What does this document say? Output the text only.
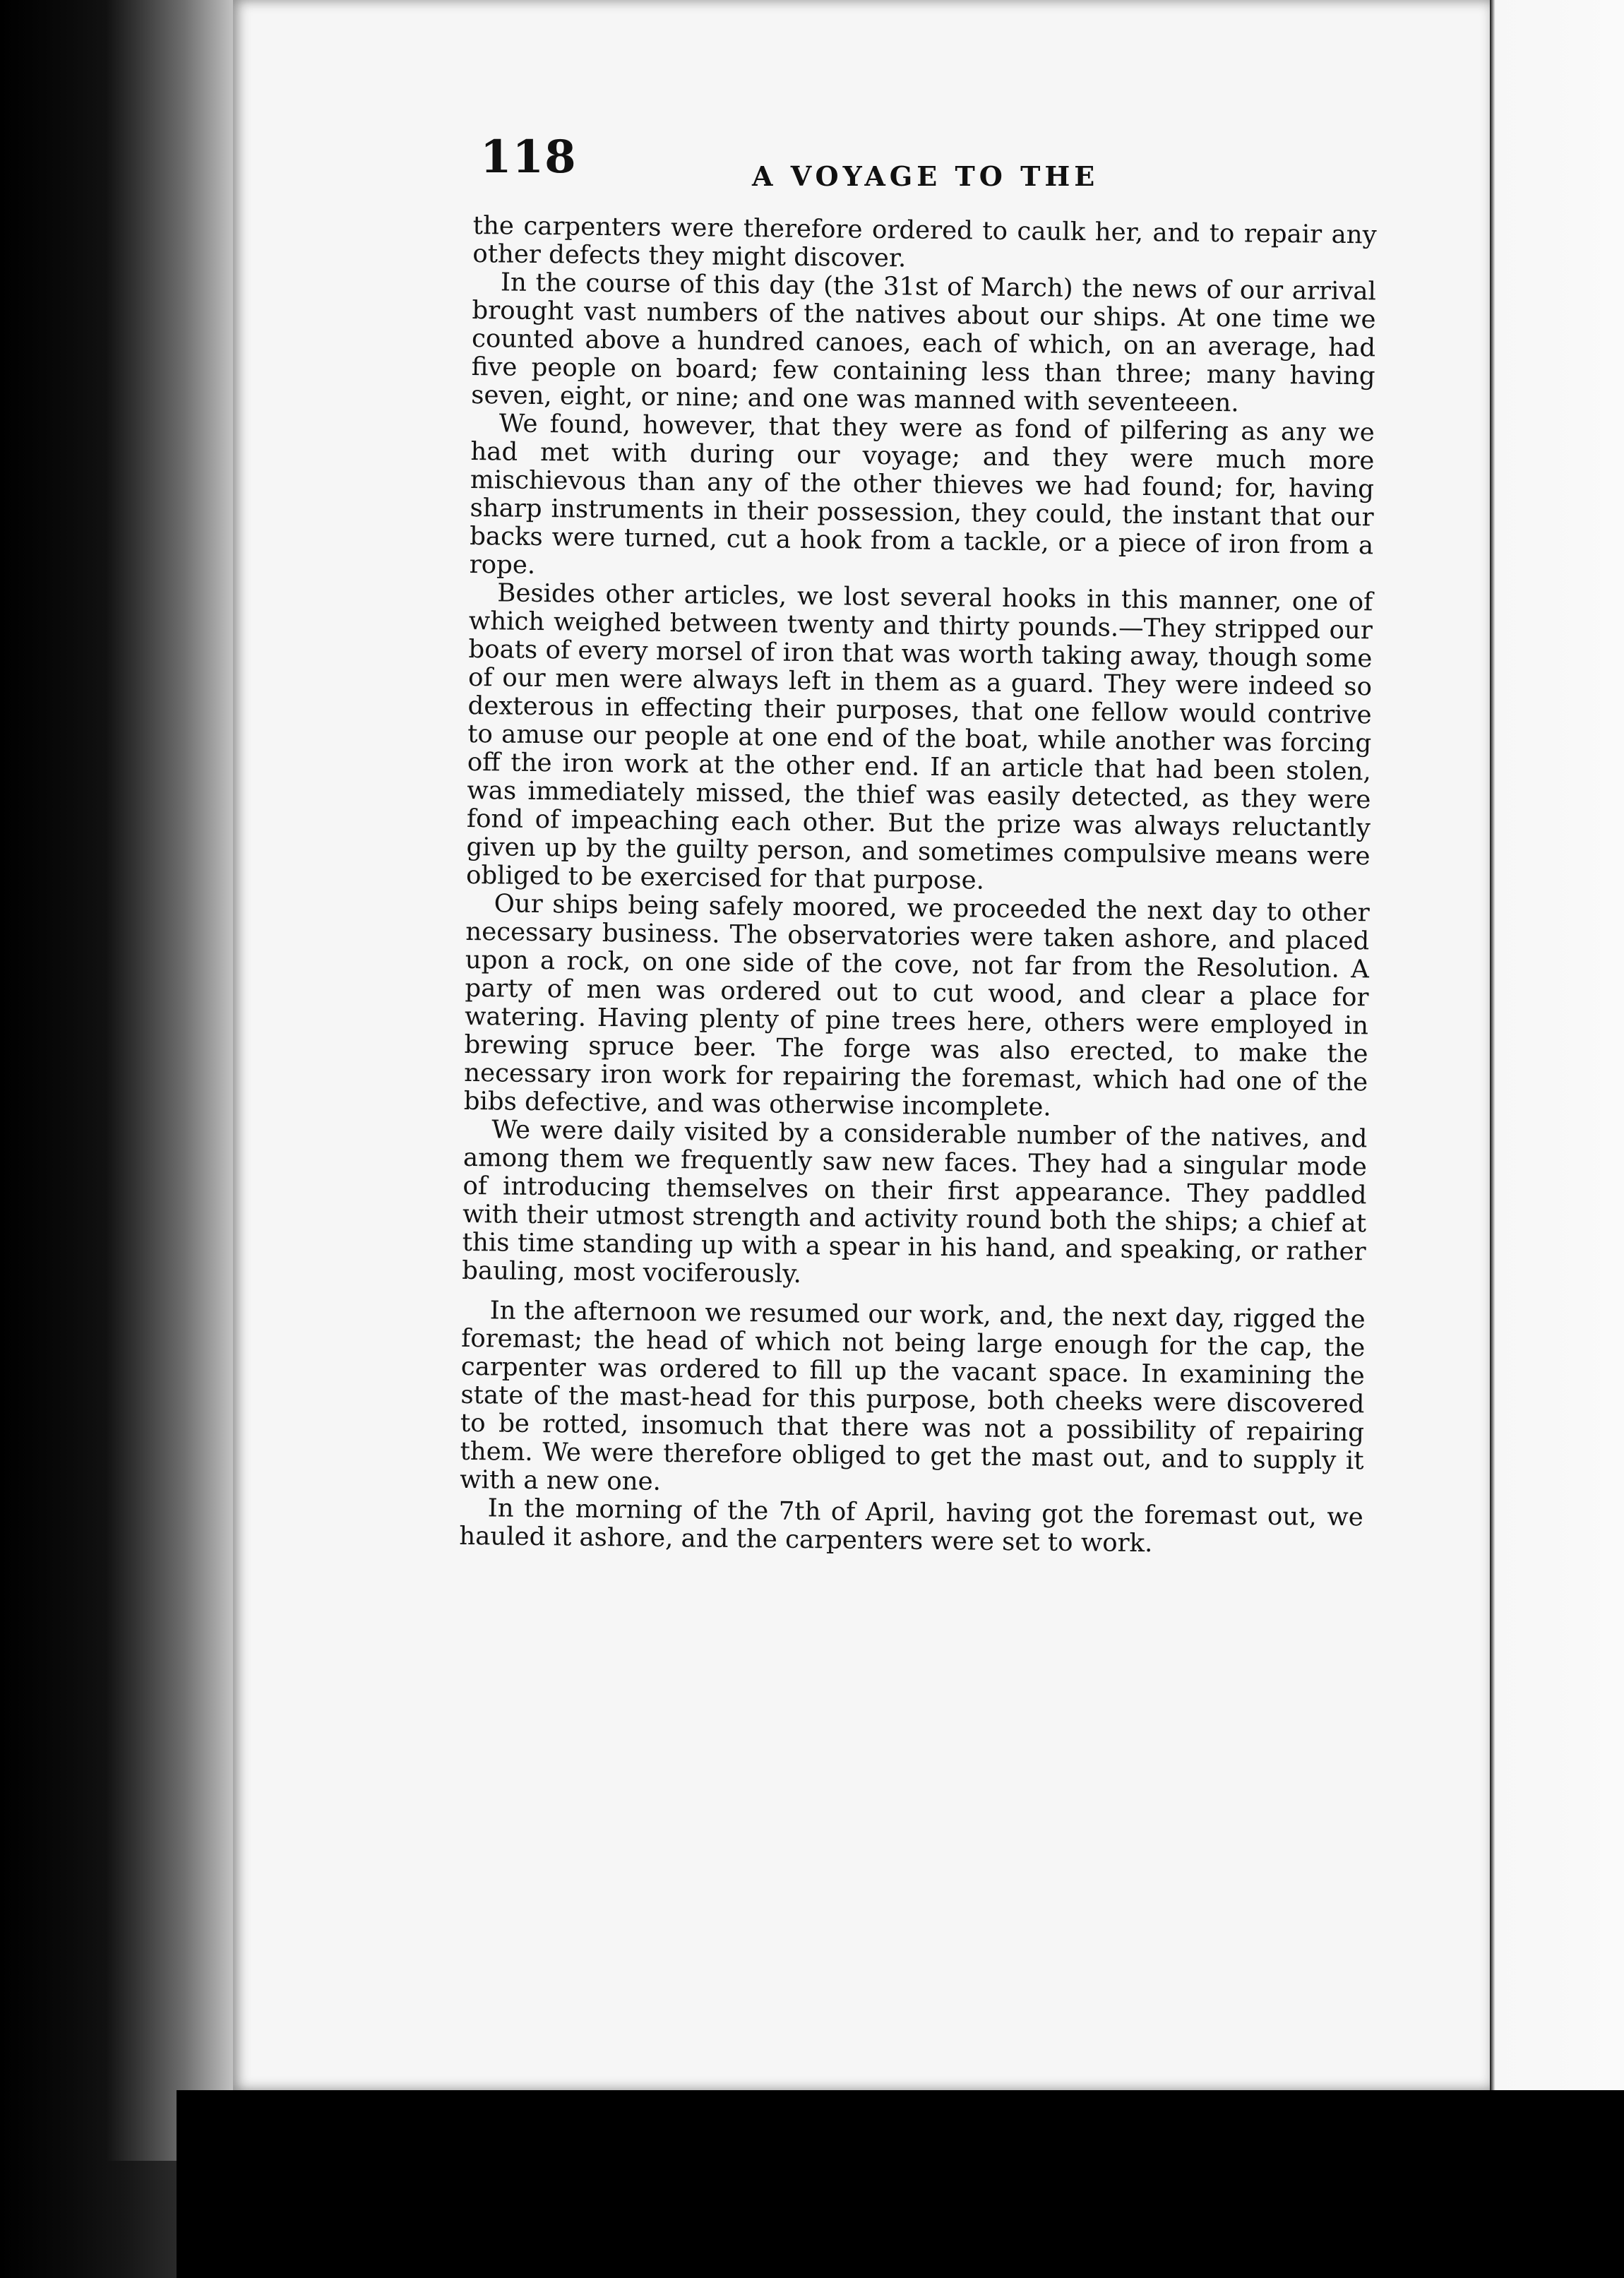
118	A VOYAGE TO THE

the carpenters were therefore ordered to caulk her, and to repair any other defects they might discover.

In the course of this day (the 31st of March) the news of our arrival brought vast numbers of the natives about our ships. At one time we counted above a hundred canoes, each of which, on an average, had five people on board; few containing less than three; many having seven, eight, or nine; and one was manned with seventeeen.

We found, however, that they were as fond of pilfering as any we had met with during our voyage; and they were much more mischievous than any of the other thieves we had found; for, having sharp instruments in their possession, they could, the instant that our backs were turned, cut a hook from a tackle, or a piece of iron from a rope.

Besides other articles, we lost several hooks in this manner, one of which weighed between twenty and thirty pounds.—They stripped our boats of every morsel of iron that was worth taking away, though some of our men were always left in them as a guard. They were indeed so dexterous in effecting their purposes, that one fellow would contrive to amuse our people at one end of the boat, while another was forcing off the iron work at the other end. If an article that had been stolen, was immediately missed, the thief was easily detected, as they were fond of impeaching each other. But the prize was always reluctantly given up by the guilty person, and sometimes compulsive means were obliged to be exercised for that purpose.

Our ships being safely moored, we proceeded the next day to other necessary business. The observatories were taken ashore, and placed upon a rock, on one side of the cove, not far from the Resolution. A party of men was ordered out to cut wood, and clear a place for watering. Having plenty of pine trees here, others were employed in brewing spruce beer. The forge was also erected, to make the necessary iron work for repairing the foremast, which had one of the bibs defective, and was otherwise incomplete.

We were daily visited by a considerable number of the natives, and among them we frequently saw new faces. They had a singular mode of introducing themselves on their first appearance. They paddled with their utmost strength and activity round both the ships; a chief at this time standing up with a spear in his hand, and speaking, or rather bauling, most vociferously.

In the afternoon we resumed our work, and, the next day, rigged the foremast; the head of which not being large enough for the cap, the carpenter was ordered to fill up the vacant space. In examining the state of the mast-head for this purpose, both cheeks were discovered to be rotted, insomuch that there was not a possibility of repairing them. We were therefore obliged to get the mast out, and to supply it with a new one.

In the morning of the 7th of April, having got the foremast out, we hauled it ashore, and the carpenters were set to work.
